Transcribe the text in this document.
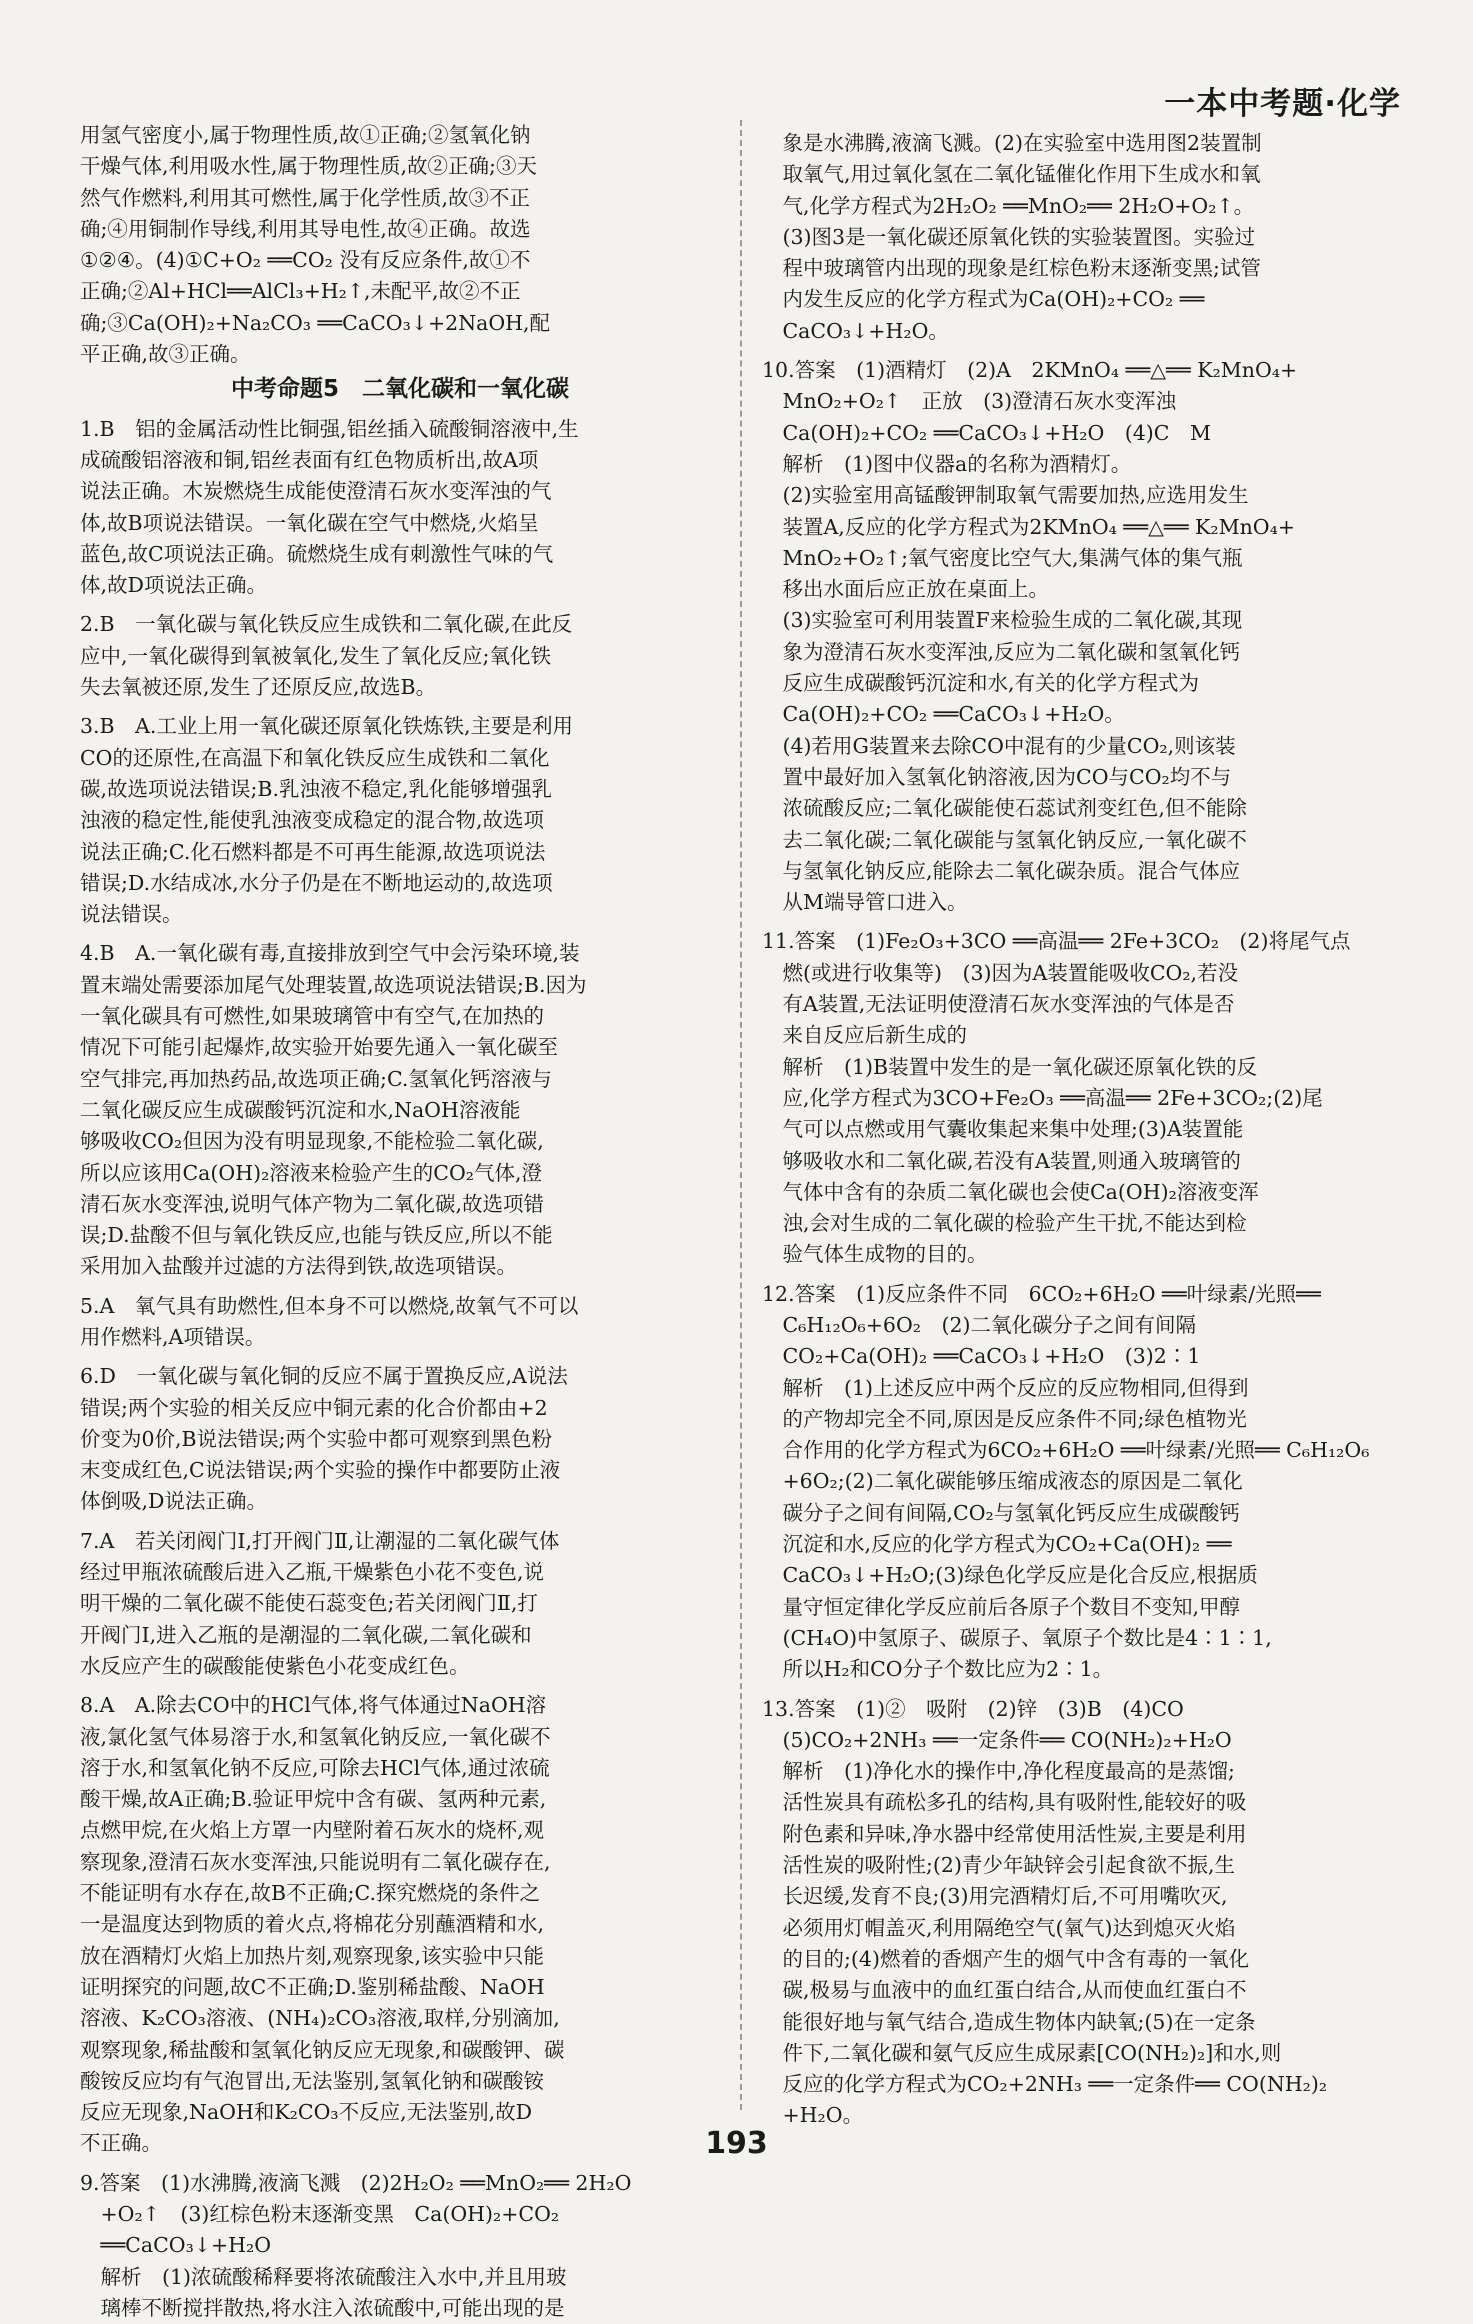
一本中考题·化学
用氢气密度小,属于物理性质,故①正确;②氢氧化钠
干燥气体,利用吸水性,属于物理性质,故②正确;③天
然气作燃料,利用其可燃性,属于化学性质,故③不正
确;④用铜制作导线,利用其导电性,故④正确。故选
①②④。(4)①C+O₂ ══CO₂ 没有反应条件,故①不
正确;②Al+HCl══AlCl₃+H₂↑,未配平,故②不正
确;③Ca(OH)₂+Na₂CO₃ ══CaCO₃↓+2NaOH,配
平正确,故③正确。
中考命题5　二氧化碳和一氧化碳
1.B　铝的金属活动性比铜强,铝丝插入硫酸铜溶液中,生
成硫酸铝溶液和铜,铝丝表面有红色物质析出,故A项
说法正确。木炭燃烧生成能使澄清石灰水变浑浊的气
体,故B项说法错误。一氧化碳在空气中燃烧,火焰呈
蓝色,故C项说法正确。硫燃烧生成有刺激性气味的气
体,故D项说法正确。
2.B　一氧化碳与氧化铁反应生成铁和二氧化碳,在此反
应中,一氧化碳得到氧被氧化,发生了氧化反应;氧化铁
失去氧被还原,发生了还原反应,故选B。
3.B　A.工业上用一氧化碳还原氧化铁炼铁,主要是利用
CO的还原性,在高温下和氧化铁反应生成铁和二氧化
碳,故选项说法错误;B.乳浊液不稳定,乳化能够增强乳
浊液的稳定性,能使乳浊液变成稳定的混合物,故选项
说法正确;C.化石燃料都是不可再生能源,故选项说法
错误;D.水结成冰,水分子仍是在不断地运动的,故选项
说法错误。
4.B　A.一氧化碳有毒,直接排放到空气中会污染环境,装
置末端处需要添加尾气处理装置,故选项说法错误;B.因为
一氧化碳具有可燃性,如果玻璃管中有空气,在加热的
情况下可能引起爆炸,故实验开始要先通入一氧化碳至
空气排完,再加热药品,故选项正确;C.氢氧化钙溶液与
二氧化碳反应生成碳酸钙沉淀和水,NaOH溶液能
够吸收CO₂但因为没有明显现象,不能检验二氧化碳,
所以应该用Ca(OH)₂溶液来检验产生的CO₂气体,澄
清石灰水变浑浊,说明气体产物为二氧化碳,故选项错
误;D.盐酸不但与氧化铁反应,也能与铁反应,所以不能
采用加入盐酸并过滤的方法得到铁,故选项错误。
5.A　氧气具有助燃性,但本身不可以燃烧,故氧气不可以
用作燃料,A项错误。
6.D　一氧化碳与氧化铜的反应不属于置换反应,A说法
错误;两个实验的相关反应中铜元素的化合价都由+2
价变为0价,B说法错误;两个实验中都可观察到黑色粉
末变成红色,C说法错误;两个实验的操作中都要防止液
体倒吸,D说法正确。
7.A　若关闭阀门Ⅰ,打开阀门Ⅱ,让潮湿的二氧化碳气体
经过甲瓶浓硫酸后进入乙瓶,干燥紫色小花不变色,说
明干燥的二氧化碳不能使石蕊变色;若关闭阀门Ⅱ,打
开阀门Ⅰ,进入乙瓶的是潮湿的二氧化碳,二氧化碳和
水反应产生的碳酸能使紫色小花变成红色。
8.A　A.除去CO中的HCl气体,将气体通过NaOH溶
液,氯化氢气体易溶于水,和氢氧化钠反应,一氧化碳不
溶于水,和氢氧化钠不反应,可除去HCl气体,通过浓硫
酸干燥,故A正确;B.验证甲烷中含有碳、氢两种元素,
点燃甲烷,在火焰上方罩一内壁附着石灰水的烧杯,观
察现象,澄清石灰水变浑浊,只能说明有二氧化碳存在,
不能证明有水存在,故B不正确;C.探究燃烧的条件之
一是温度达到物质的着火点,将棉花分别蘸酒精和水,
放在酒精灯火焰上加热片刻,观察现象,该实验中只能
证明探究的问题,故C不正确;D.鉴别稀盐酸、NaOH
溶液、K₂CO₃溶液、(NH₄)₂CO₃溶液,取样,分别滴加,
观察现象,稀盐酸和氢氧化钠反应无现象,和碳酸钾、碳
酸铵反应均有气泡冒出,无法鉴别,氢氧化钠和碳酸铵
反应无现象,NaOH和K₂CO₃不反应,无法鉴别,故D
不正确。
9.答案　(1)水沸腾,液滴飞溅　(2)2H₂O₂ ══MnO₂══ 2H₂O
　+O₂↑　(3)红棕色粉末逐渐变黑　Ca(OH)₂+CO₂
　══CaCO₃↓+H₂O
　解析　(1)浓硫酸稀释要将浓硫酸注入水中,并且用玻
　璃棒不断搅拌散热,将水注入浓硫酸中,可能出现的是
　象是水沸腾,液滴飞溅。(2)在实验室中选用图2装置制
　取氧气,用过氧化氢在二氧化锰催化作用下生成水和氧
　气,化学方程式为2H₂O₂ ══MnO₂══ 2H₂O+O₂↑。
　(3)图3是一氧化碳还原氧化铁的实验装置图。实验过
　程中玻璃管内出现的现象是红棕色粉末逐渐变黑;试管
　内发生反应的化学方程式为Ca(OH)₂+CO₂ ══
　CaCO₃↓+H₂O。
10.答案　(1)酒精灯　(2)A　2KMnO₄ ══△══ K₂MnO₄+
　MnO₂+O₂↑　正放　(3)澄清石灰水变浑浊
　Ca(OH)₂+CO₂ ══CaCO₃↓+H₂O　(4)C　M
　解析　(1)图中仪器a的名称为酒精灯。
　(2)实验室用高锰酸钾制取氧气需要加热,应选用发生
　装置A,反应的化学方程式为2KMnO₄ ══△══ K₂MnO₄+
　MnO₂+O₂↑;氧气密度比空气大,集满气体的集气瓶
　移出水面后应正放在桌面上。
　(3)实验室可利用装置F来检验生成的二氧化碳,其现
　象为澄清石灰水变浑浊,反应为二氧化碳和氢氧化钙
　反应生成碳酸钙沉淀和水,有关的化学方程式为
　Ca(OH)₂+CO₂ ══CaCO₃↓+H₂O。
　(4)若用G装置来去除CO中混有的少量CO₂,则该装
　置中最好加入氢氧化钠溶液,因为CO与CO₂均不与
　浓硫酸反应;二氧化碳能使石蕊试剂变红色,但不能除
　去二氧化碳;二氧化碳能与氢氧化钠反应,一氧化碳不
　与氢氧化钠反应,能除去二氧化碳杂质。混合气体应
　从M端导管口进入。
11.答案　(1)Fe₂O₃+3CO ══高温══ 2Fe+3CO₂　(2)将尾气点
　燃(或进行收集等)　(3)因为A装置能吸收CO₂,若没
　有A装置,无法证明使澄清石灰水变浑浊的气体是否
　来自反应后新生成的
　解析　(1)B装置中发生的是一氧化碳还原氧化铁的反
　应,化学方程式为3CO+Fe₂O₃ ══高温══ 2Fe+3CO₂;(2)尾
　气可以点燃或用气囊收集起来集中处理;(3)A装置能
　够吸收水和二氧化碳,若没有A装置,则通入玻璃管的
　气体中含有的杂质二氧化碳也会使Ca(OH)₂溶液变浑
　浊,会对生成的二氧化碳的检验产生干扰,不能达到检
　验气体生成物的目的。
12.答案　(1)反应条件不同　6CO₂+6H₂O ══叶绿素/光照══
　C₆H₁₂O₆+6O₂　(2)二氧化碳分子之间有间隔
　CO₂+Ca(OH)₂ ══CaCO₃↓+H₂O　(3)2∶1
　解析　(1)上述反应中两个反应的反应物相同,但得到
　的产物却完全不同,原因是反应条件不同;绿色植物光
　合作用的化学方程式为6CO₂+6H₂O ══叶绿素/光照══ C₆H₁₂O₆
　+6O₂;(2)二氧化碳能够压缩成液态的原因是二氧化
　碳分子之间有间隔,CO₂与氢氧化钙反应生成碳酸钙
　沉淀和水,反应的化学方程式为CO₂+Ca(OH)₂ ══
　CaCO₃↓+H₂O;(3)绿色化学反应是化合反应,根据质
　量守恒定律化学反应前后各原子个数目不变知,甲醇
　(CH₄O)中氢原子、碳原子、氧原子个数比是4∶1∶1,
　所以H₂和CO分子个数比应为2∶1。
13.答案　(1)②　吸附　(2)锌　(3)B　(4)CO
　(5)CO₂+2NH₃ ══一定条件══ CO(NH₂)₂+H₂O
　解析　(1)净化水的操作中,净化程度最高的是蒸馏;
　活性炭具有疏松多孔的结构,具有吸附性,能较好的吸
　附色素和异味,净水器中经常使用活性炭,主要是利用
　活性炭的吸附性;(2)青少年缺锌会引起食欲不振,生
　长迟缓,发育不良;(3)用完酒精灯后,不可用嘴吹灭,
　必须用灯帽盖灭,利用隔绝空气(氧气)达到熄灭火焰
　的目的;(4)燃着的香烟产生的烟气中含有毒的一氧化
　碳,极易与血液中的血红蛋白结合,从而使血红蛋白不
　能很好地与氧气结合,造成生物体内缺氧;(5)在一定条
　件下,二氧化碳和氨气反应生成尿素[CO(NH₂)₂]和水,则
　反应的化学方程式为CO₂+2NH₃ ══一定条件══ CO(NH₂)₂
　+H₂O。
193
